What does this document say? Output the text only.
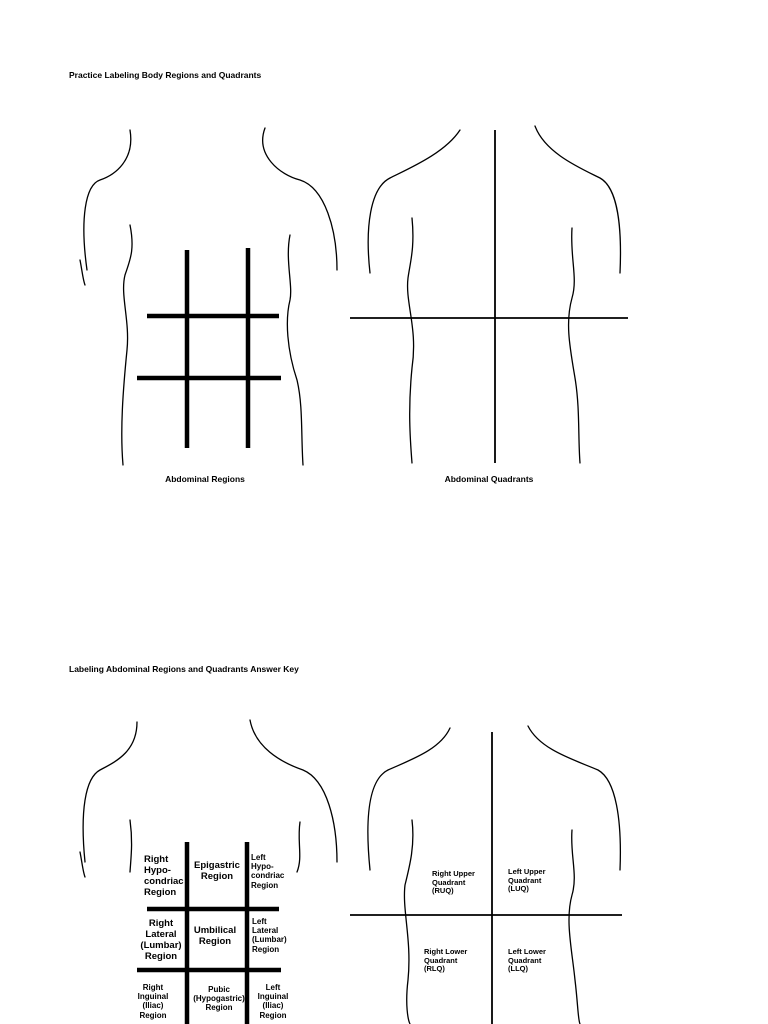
Practice Labeling Body Regions and Quadrants
Abdominal Regions	Abdominal Quadrants
Labeling Abdominal Regions and Quadrants Answer Key
Right
Hypo-
condriac
Region
Epigastric
Region
Left
Hypo-
condriac
Region
Right
Lateral
(Lumbar)
Region
Umbilical
Region
Left
Lateral
(Lumbar)
Region
Right
Inguinal
(Iliac)
Region
Pubic
(Hypogastric)
Region
Left
Inguinal
(Iliac)
Region
Right Upper
Quadrant
(RUQ)
Left Upper
Quadrant
(LUQ)
Right Lower
Quadrant
(RLQ)
Left Lower
Quadrant
(LLQ)
